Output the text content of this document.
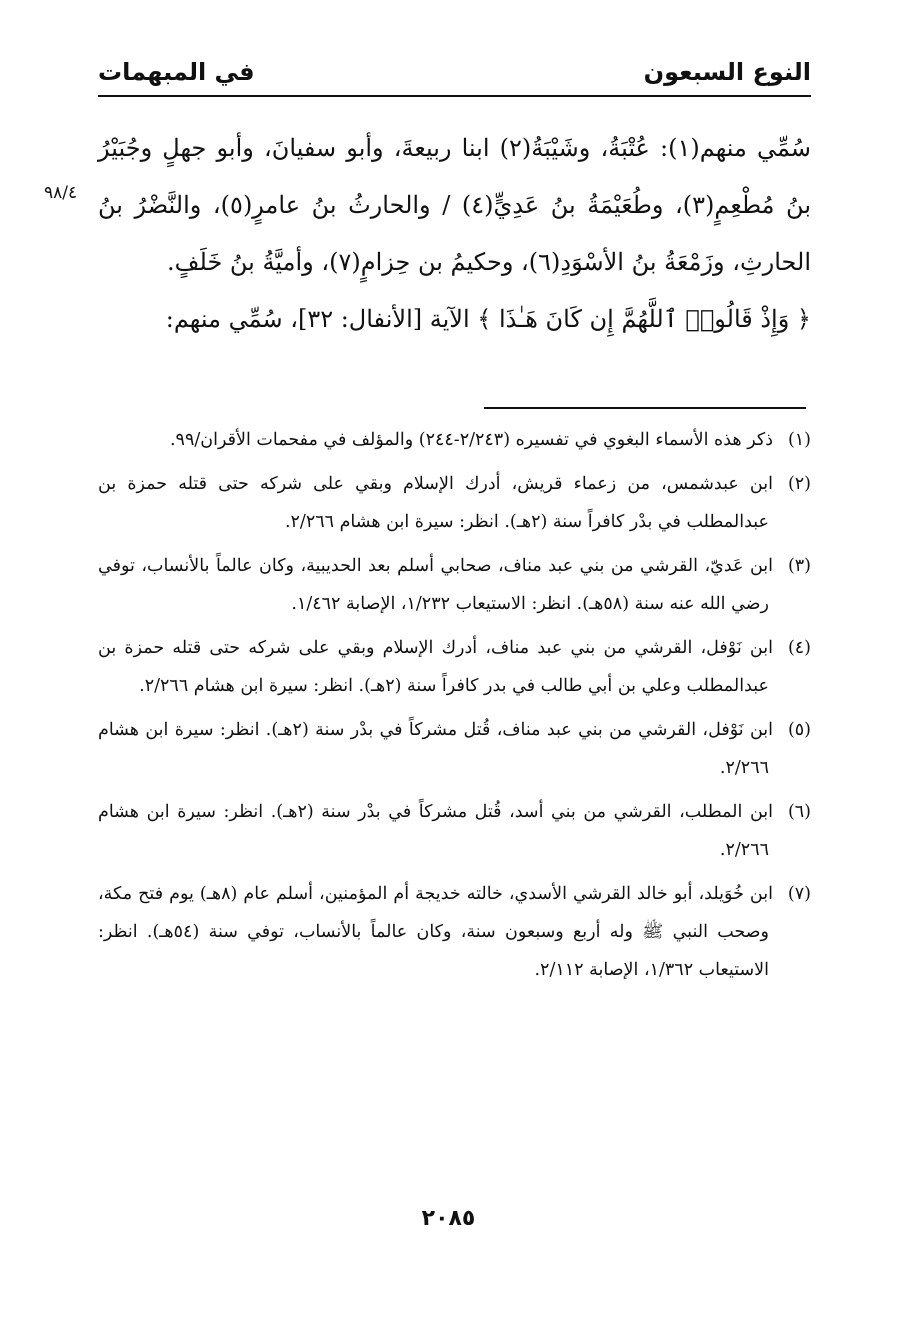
النوع السبعون
في المبهمات
٩٨/٤

سُمِّي منهم(١): عُتْبَةُ، وشَيْبَةُ(٢) ابنا ربيعةَ، وأبو سفيانَ، وأبو جهلٍ وجُبَيْرُ بنُ مُطْعِمٍ(٣)، وطُعَيْمَةُ بنُ عَدِيٍّ(٤) / والحارثُ بنُ عامرٍ(٥)، والنَّضْرُ بنُ الحارثِ، وزَمْعَةُ بنُ الأسْوَدِ(٦)، وحكيمُ بن حِزامٍ(٧)، وأميَّةُ بنُ خَلَفٍ.

﴿ وَإِذْ قَالُوا۟ ٱللَّهُمَّ إِن كَانَ هَـٰذَا ﴾ الآية [الأنفال: ٣٢]، سُمِّي منهم:

(١)ذكر هذه الأسماء البغوي في تفسيره (٢/٢٤٣-٢٤٤) والمؤلف في مفحمات الأقران/٩٩.

(٢)ابن عبدشمس، من زعماء قريش، أدرك الإسلام وبقي على شركه حتى قتله حمزة بن عبدالمطلب في بدْر كافراً سنة (٢هـ). انظر: سيرة ابن هشام ٢/٢٦٦.

(٣)ابن عَديّ، القرشي من بني عبد مناف، صحابي أسلم بعد الحديبية، وكان عالماً بالأنساب، توفي رضي الله عنه سنة (٥٨هـ). انظر: الاستيعاب ١/٢٣٢، الإصابة ١/٤٦٢.

(٤)ابن نَوْفل، القرشي من بني عبد مناف، أدرك الإسلام وبقي على شركه حتى قتله حمزة بن عبدالمطلب وعلي بن أبي طالب في بدر كافراً سنة (٢هـ). انظر: سيرة ابن هشام ٢/٢٦٦.

(٥)ابن نَوْفل، القرشي من بني عبد مناف، قُتل مشركاً في بدْر سنة (٢هـ). انظر: سيرة ابن هشام ٢/٢٦٦.

(٦)ابن المطلب، القرشي من بني أسد، قُتل مشركاً في بدْر سنة (٢هـ). انظر: سيرة ابن هشام ٢/٢٦٦.

(٧)ابن خُوَيلد، أبو خالد القرشي الأسدي، خالته خديجة أم المؤمنين، أسلم عام (٨هـ) يوم فتح مكة، وصحب النبي ﷺ وله أربع وسبعون سنة، وكان عالماً بالأنساب، توفي سنة (٥٤هـ). انظر: الاستيعاب ١/٣٦٢، الإصابة ٢/١١٢.

٢٠٨٥
